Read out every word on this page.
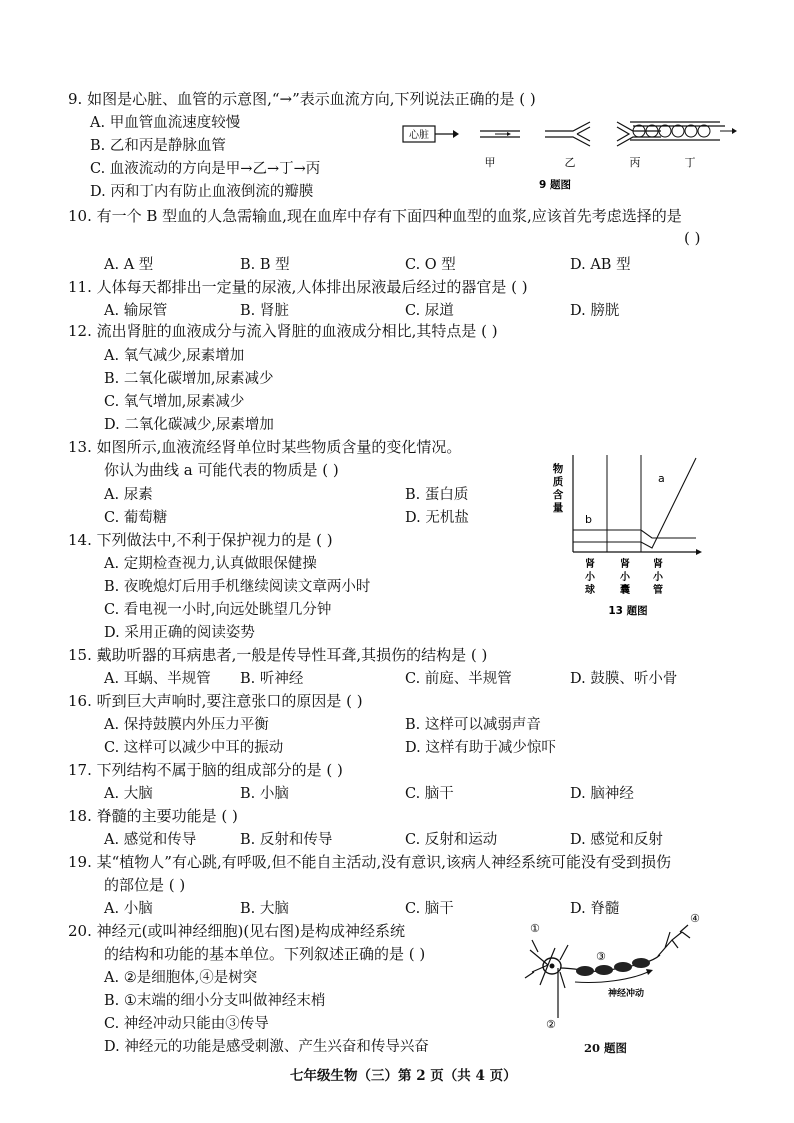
9. 如图是心脏、血管的示意图,“→”表示血流方向,下列说法正确的是 ( )
A. 甲血管血流速度较慢
B. 乙和丙是静脉血管
C. 血液流动的方向是甲→乙→丁→丙
D. 丙和丁内有防止血液倒流的瓣膜
心脏
甲	乙	丙	丁
9 题图
10. 有一个 B 型血的人急需输血,现在血库中存有下面四种血型的血浆,应该首先考虑选择的是
( )
A. A 型	B. B 型	C. O 型	D. AB 型
11. 人体每天都排出一定量的尿液,人体排出尿液最后经过的器官是 ( )
A. 输尿管	B. 肾脏	C. 尿道	D. 膀胱
12. 流出肾脏的血液成分与流入肾脏的血液成分相比,其特点是 ( )
A. 氧气减少,尿素增加
B. 二氧化碳增加,尿素减少
C. 氧气增加,尿素减少
D. 二氧化碳减少,尿素增加
13. 如图所示,血液流经肾单位时某些物质含量的变化情况。
你认为曲线 a 可能代表的物质是 ( )
A. 尿素	B. 蛋白质
C. 葡萄糖	D. 无机盐
物
质
含
量
a
b
肾
小
球
肾
小
囊
肾
小
管
13 题图
14. 下列做法中,不利于保护视力的是 ( )
A. 定期检查视力,认真做眼保健操
B. 夜晚熄灯后用手机继续阅读文章两小时
C. 看电视一小时,向远处眺望几分钟
D. 采用正确的阅读姿势
15. 戴助听器的耳病患者,一般是传导性耳聋,其损伤的结构是 ( )
A. 耳蜗、半规管 B. 听神经	C. 前庭、半规管	D. 鼓膜、听小骨
16. 听到巨大声响时,要注意张口的原因是 ( )
A. 保持鼓膜内外压力平衡	B. 这样可以减弱声音
C. 这样可以减少中耳的振动	D. 这样有助于减少惊吓
17. 下列结构不属于脑的组成部分的是 ( )
A. 大脑	B. 小脑	C. 脑干	D. 脑神经
18. 脊髓的主要功能是 ( )
A. 感觉和传导	B. 反射和传导	C. 反射和运动	D. 感觉和反射
19. 某“植物人”有心跳,有呼吸,但不能自主活动,没有意识,该病人神经系统可能没有受到损伤
的部位是 ( )
A. 小脑	B. 大脑	C. 脑干	D. 脊髓
20. 神经元(或叫神经细胞)(见右图)是构成神经系统
的结构和功能的基本单位。下列叙述正确的是 ( )
A. ②是细胞体,④是树突
B. ①末端的细小分支叫做神经末梢
C. 神经冲动只能由③传导
D. 神经元的功能是感受刺激、产生兴奋和传导兴奋
①
②
③
④
神经冲动
20 题图
七年级生物（三）第 2 页（共 4 页）
